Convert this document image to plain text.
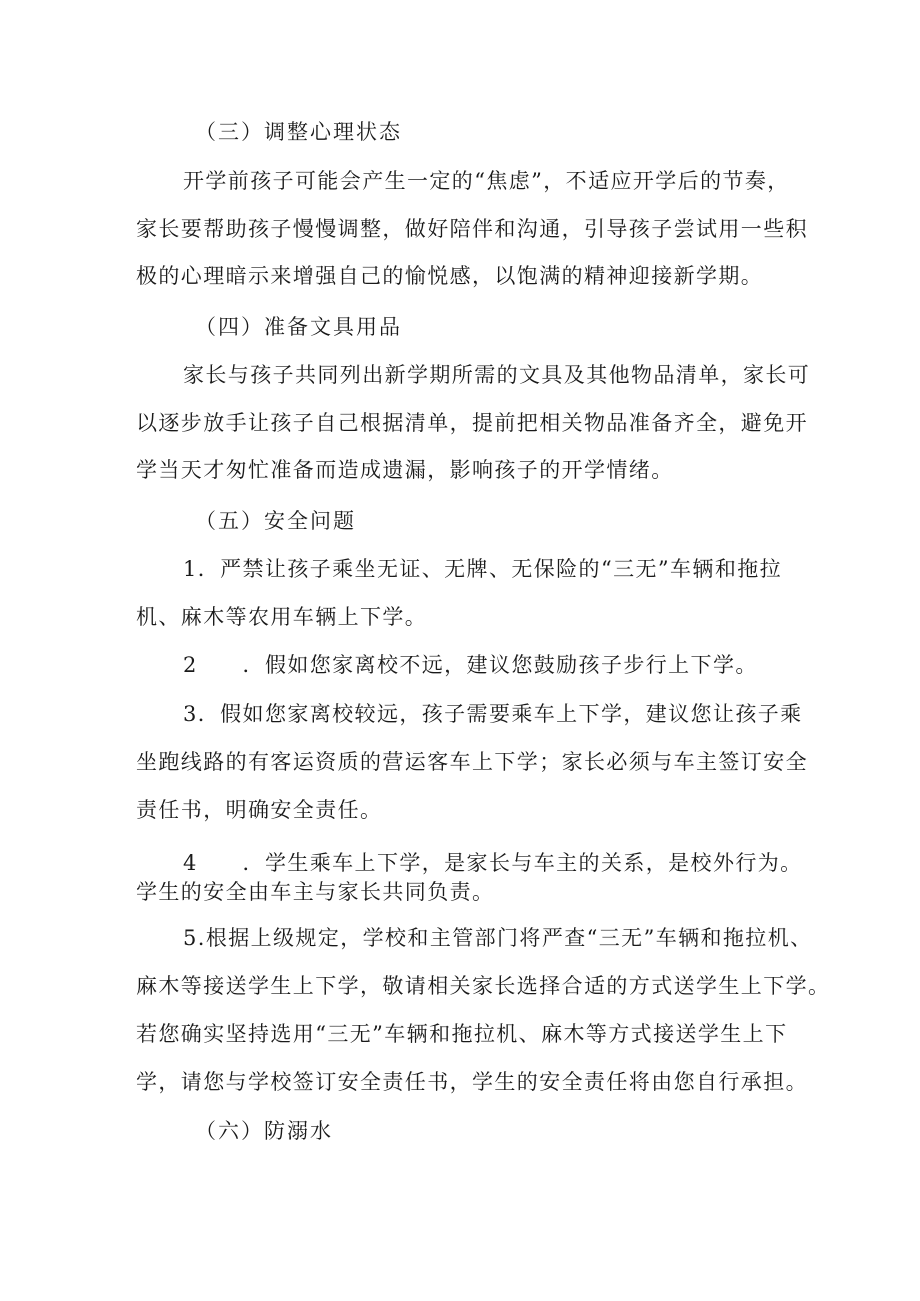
（三）调整心理状态
开学前孩子可能会产生一定的“焦虑”，不适应开学后的节奏，
家长要帮助孩子慢慢调整，做好陪伴和沟通，引导孩子尝试用一些积
极的心理暗示来增强自己的愉悦感，以饱满的精神迎接新学期。
（四）准备文具用品
家长与孩子共同列出新学期所需的文具及其他物品清单，家长可
以逐步放手让孩子自己根据清单，提前把相关物品准备齐全，避免开
学当天才匆忙准备而造成遗漏，影响孩子的开学情绪。
（五）安全问题
1．严禁让孩子乘坐无证、无牌、无保险的“三无”车辆和拖拉
机、麻木等农用车辆上下学。
2　　．假如您家离校不远，建议您鼓励孩子步行上下学。
3．假如您家离校较远，孩子需要乘车上下学，建议您让孩子乘
坐跑线路的有客运资质的营运客车上下学；家长必须与车主签订安全
责任书，明确安全责任。
4　　．学生乘车上下学，是家长与车主的关系，是校外行为。
学生的安全由车主与家长共同负责。
5.根据上级规定，学校和主管部门将严查“三无”车辆和拖拉机、
麻木等接送学生上下学，敬请相关家长选择合适的方式送学生上下学。
若您确实坚持选用“三无”车辆和拖拉机、麻木等方式接送学生上下
学，请您与学校签订安全责任书，学生的安全责任将由您自行承担。
（六）防溺水
